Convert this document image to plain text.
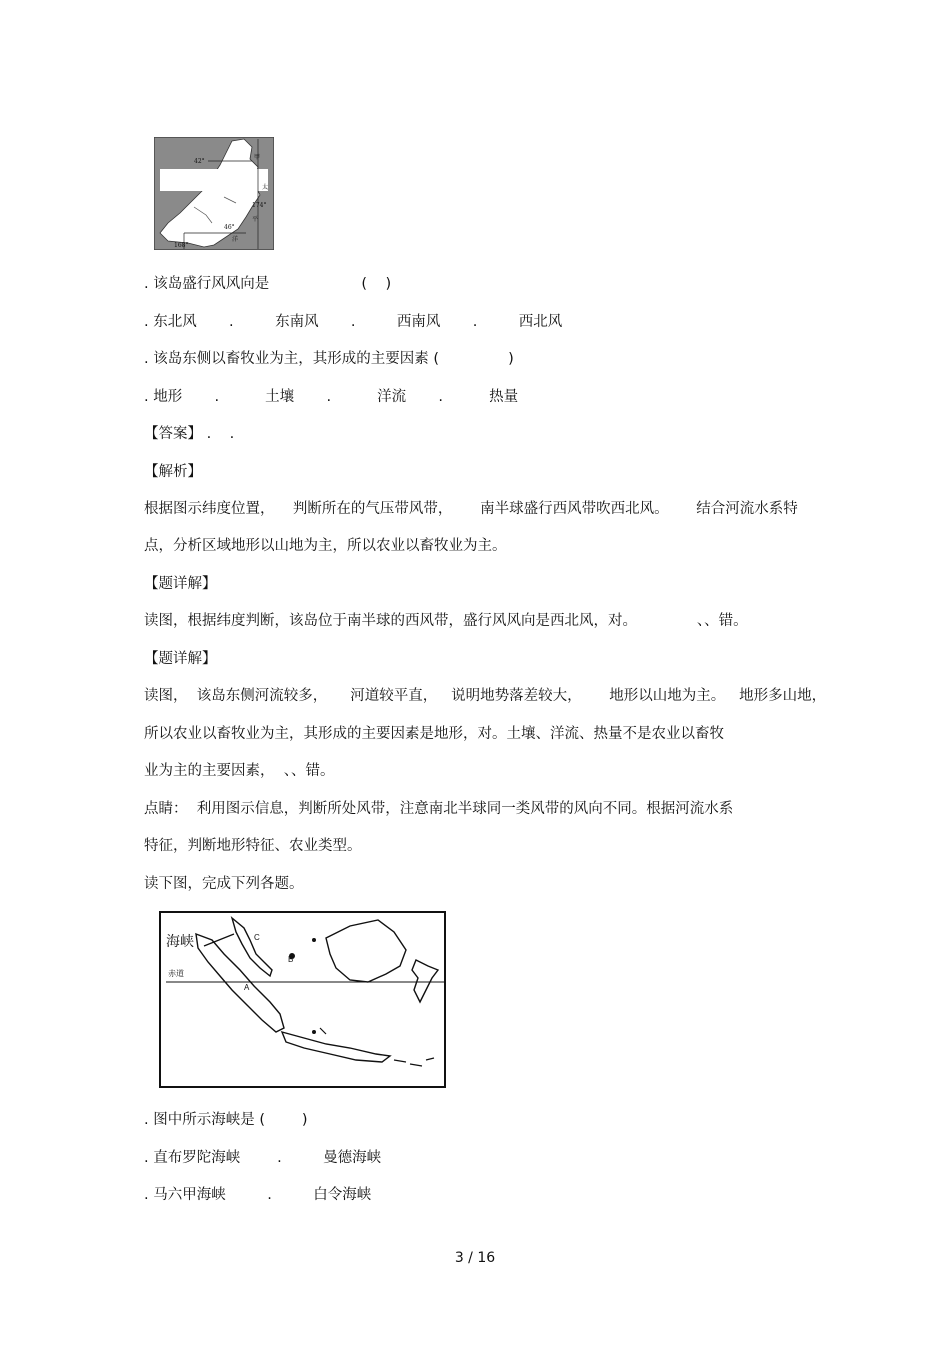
42°
甲
太
174°
平
46°
洋
168°
. 该岛盛行风风向是                    (    )
. 东北风       .         东南风       .         西南风       .         西北风
. 该岛东侧以畜牧业为主，其形成的主要因素 (               )
. 地形       .          土壤       .          洋流       .          热量
【答案】 .    .
【解析】
根据图示纬度位置，    判断所在的气压带风带，      南半球盛行西风带吹西北风。      结合河流水系特
点，分析区域地形以山地为主，所以农业以畜牧业为主。
【题详解】
读图，根据纬度判断，该岛位于南半球的西风带，盛行风风向是西北风，对。             、、错。
【题详解】
读图，  该岛东侧河流较多，     河道较平直，   说明地势落差较大，      地形以山地为主。   地形多山地，
所以农业以畜牧业为主，其形成的主要因素是地形，对。土壤、洋流、热量不是农业以畜牧
业为主的主要因素，  、、错。
点睛：  利用图示信息，判断所处风带，注意南北半球同一类风带的风向不同。根据河流水系
特征，判断地形特征、农业类型。
读下图，完成下列各题。
海峡
赤道
A
B
C
. 图中所示海峡是 (        )
. 直布罗陀海峡        .         曼德海峡
. 马六甲海峡         .         白令海峡
3 / 16
